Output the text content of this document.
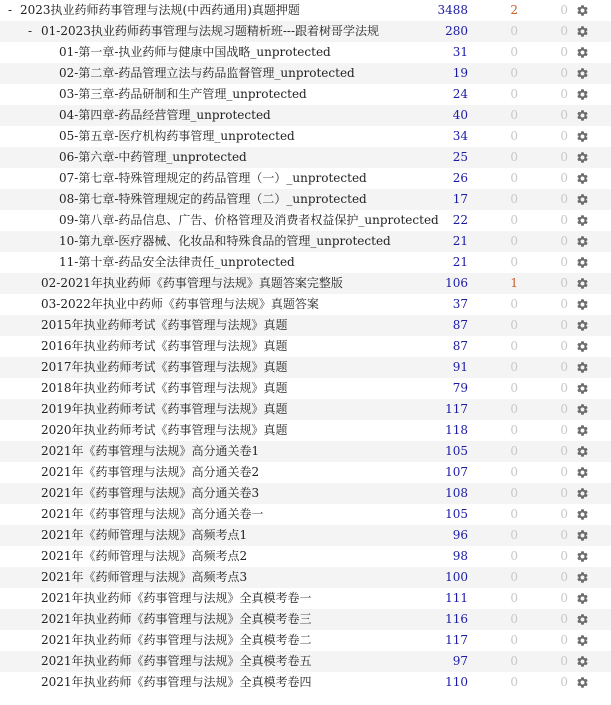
- 2023执业药师药事管理与法规(中西药通用)真题押题	3488	2	0
- 01-2023执业药师药事管理与法规习题精析班---跟着树哥学法规	280	0	0
01-第一章-执业药师与健康中国战略_unprotected	31	0	0
02-第二章-药品管理立法与药品监督管理_unprotected	19	0	0
03-第三章-药品研制和生产管理_unprotected	24	0	0
04-第四章-药品经营管理_unprotected	40	0	0
05-第五章-医疗机构药事管理_unprotected	34	0	0
06-第六章-中药管理_unprotected	25	0	0
07-第七章-特殊管理规定的药品管理（一）_unprotected	26	0	0
08-第七章-特殊管理规定的药品管理（二）_unprotected	17	0	0
09-第八章-药品信息、广告、价格管理及消费者权益保护_unprotected	22	0	0
10-第九章-医疗器械、化妆品和特殊食品的管理_unprotected	21	0	0
11-第十章-药品安全法律责任_unprotected	21	0	0
02-2021年执业药师《药事管理与法规》真题答案完整版	106	1	0
03-2022年执业中药师《药事管理与法规》真题答案	37	0	0
2015年执业药师考试《药事管理与法规》真题	87	0	0
2016年执业药师考试《药事管理与法规》真题	87	0	0
2017年执业药师考试《药事管理与法规》真题	91	0	0
2018年执业药师考试《药事管理与法规》真题	79	0	0
2019年执业药师考试《药事管理与法规》真题	117	0	0
2020年执业药师考试《药事管理与法规》真题	118	0	0
2021年《药事管理与法规》高分通关卷1	105	0	0
2021年《药事管理与法规》高分通关卷2	107	0	0
2021年《药事管理与法规》高分通关卷3	108	0	0
2021年《药事管理与法规》高分通关卷一	105	0	0
2021年《药师管理与法规》高频考点1	96	0	0
2021年《药师管理与法规》高频考点2	98	0	0
2021年《药师管理与法规》高频考点3	100	0	0
2021年执业药师《药事管理与法规》全真模考卷一	111	0	0
2021年执业药师《药事管理与法规》全真模考卷三	116	0	0
2021年执业药师《药事管理与法规》全真模考卷二	117	0	0
2021年执业药师《药事管理与法规》全真模考卷五	97	0	0
2021年执业药师《药事管理与法规》全真模考卷四	110	0	0
